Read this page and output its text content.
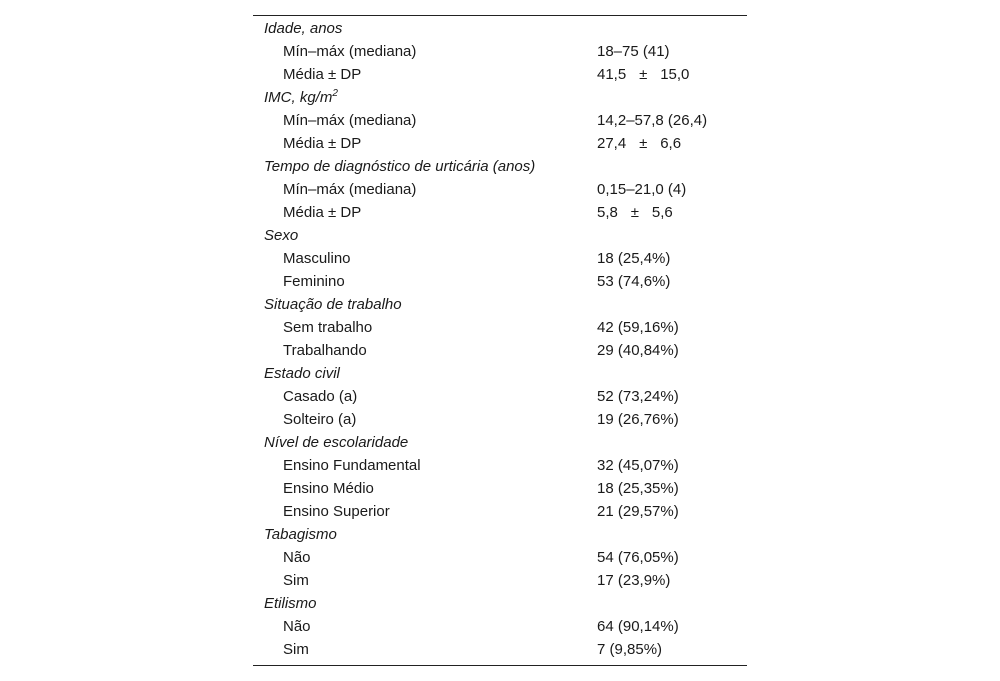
Idade, anos
Mín–máx (mediana)	18–75 (41)
Média ± DP	41,5 ± 15,0
IMC, $kg/m^2$
Mín–máx (mediana)	14,2–57,8 (26,4)
Média ± DP	27,4 ± 6,6
Tempo de diagnóstico de urticária (anos)
Mín–máx (mediana)	0,15–21,0 (4)
Média ± DP	5,8 ± 5,6
Sexo
Masculino	18 (25,4%)
Feminino	53 (74,6%)
Situação de trabalho
Sem trabalho	42 (59,16%)
Trabalhando	29 (40,84%)
Estado civil
Casado (a)	52 (73,24%)
Solteiro (a)	19 (26,76%)
Nível de escolaridade
Ensino Fundamental	32 (45,07%)
Ensino Médio	18 (25,35%)
Ensino Superior	21 (29,57%)
Tabagismo
Não	54 (76,05%)
Sim	17 (23,9%)
Etilismo
Não	64 (90,14%)
Sim	7 (9,85%)
